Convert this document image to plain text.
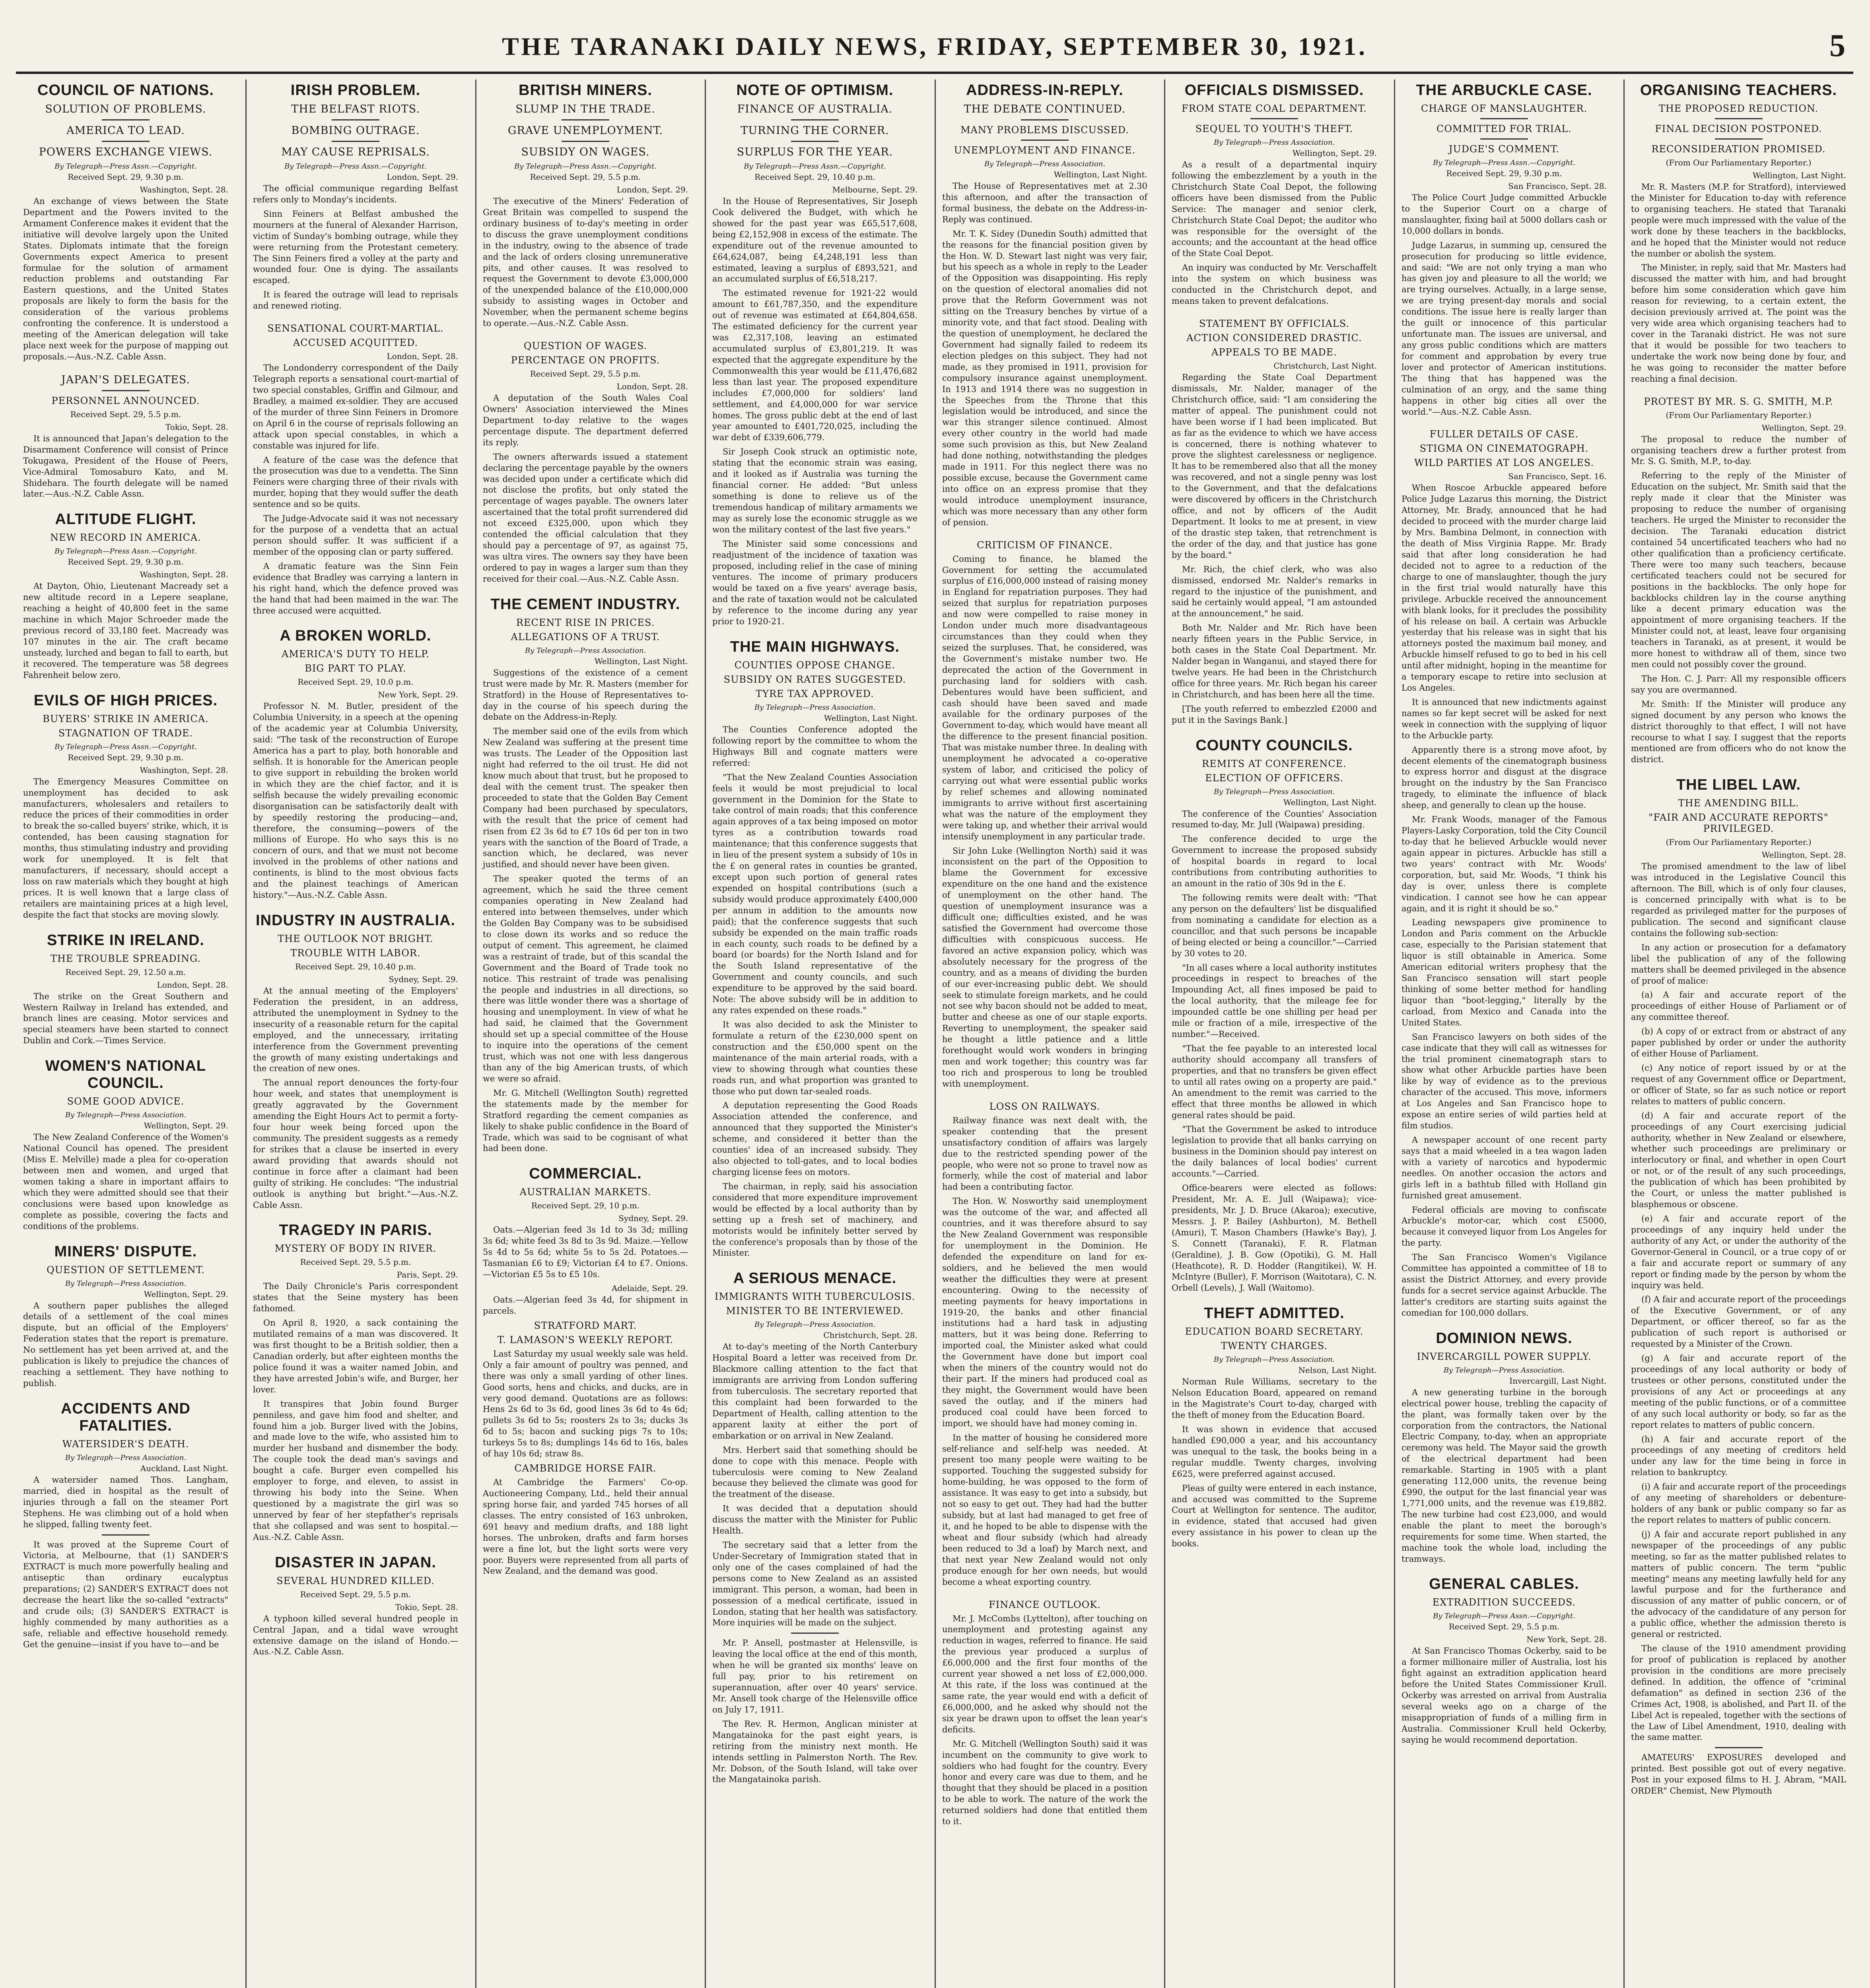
THE TARANAKI DAILY NEWS, FRIDAY, SEPTEMBER 30, 1921.	5
COUNCIL OF NATIONS.
SOLUTION OF PROBLEMS.
AMERICA TO LEAD.
POWERS EXCHANGE VIEWS.
By Telegraph—Press Assn.—Copyright.
Received Sept. 29, 9.30 p.m.
Washington, Sept. 28.

An exchange of views between the State Department and the Powers invited to the Armament Conference makes it evident that the initiative will devolve largely upon the United States. Diplomats intimate that the foreign Governments expect America to present formulae for the solution of armament reduction problems and outstanding Far Eastern questions, and the United States proposals are likely to form the basis for the consideration of the various problems confronting the conference. It is understood a meeting of the American delegation will take place next week for the purpose of mapping out proposals.—Aus.-N.Z. Cable Assn.

JAPAN'S DELEGATES.
PERSONNEL ANNOUNCED.
Received Sept. 29, 5.5 p.m.
Tokio, Sept. 28.

It is announced that Japan's delegation to the Disarmament Conference will consist of Prince Tokugawa, President of the House of Peers, Vice-Admiral Tomosaburo Kato, and M. Shidehara. The fourth delegate will be named later.—Aus.-N.Z. Cable Assn.

ALTITUDE FLIGHT.
NEW RECORD IN AMERICA.
By Telegraph—Press Assn.—Copyright.
Received Sept. 29, 9.30 p.m.
Washington, Sept. 28.

At Dayton, Ohio, Lieutenant Macready set a new altitude record in a Lepere seaplane, reaching a height of 40,800 feet in the same machine in which Major Schroeder made the previous record of 33,180 feet. Macready was 107 minutes in the air. The craft became unsteady, lurched and began to fall to earth, but it recovered. The temperature was 58 degrees Fahrenheit below zero.

EVILS OF HIGH PRICES.
BUYERS' STRIKE IN AMERICA.
STAGNATION OF TRADE.
By Telegraph—Press Assn.—Copyright.
Received Sept. 29, 9.30 p.m.
Washington, Sept. 28.

The Emergency Measures Committee on unemployment has decided to ask manufacturers, wholesalers and retailers to reduce the prices of their commodities in order to break the so-called buyers' strike, which, it is contended, has been causing stagnation for months, thus stimulating industry and providing work for unemployed. It is felt that manufacturers, if necessary, should accept a loss on raw materials which they bought at high prices. It is well known that a large class of retailers are maintaining prices at a high level, despite the fact that stocks are moving slowly.

STRIKE IN IRELAND.
THE TROUBLE SPREADING.
Received Sept. 29, 12.50 a.m.
London, Sept. 28.

The strike on the Great Southern and Western Railway in Ireland has extended, and branch lines are ceasing. Motor services and special steamers have been started to connect Dublin and Cork.—Times Service.

WOMEN'S NATIONAL COUNCIL.
SOME GOOD ADVICE.
By Telegraph—Press Association.
Wellington, Sept. 29.

The New Zealand Conference of the Women's National Council has opened. The president (Miss E. Melville) made a plea for co-operation between men and women, and urged that women taking a share in important affairs to which they were admitted should see that their conclusions were based upon knowledge as complete as possible, covering the facts and conditions of the problems.

MINERS' DISPUTE.
QUESTION OF SETTLEMENT.
By Telegraph—Press Association.
Wellington, Sept. 29.

A southern paper publishes the alleged details of a settlement of the coal mines dispute, but an official of the Employers' Federation states that the report is premature. No settlement has yet been arrived at, and the publication is likely to prejudice the chances of reaching a settlement. They have nothing to publish.

ACCIDENTS AND FATALITIES.
WATERSIDER'S DEATH.
By Telegraph—Press Association.
Auckland, Last Night.

A watersider named Thos. Langham, married, died in hospital as the result of injuries through a fall on the steamer Port Stephens. He was climbing out of a hold when he slipped, falling twenty feet.

It was proved at the Supreme Court of Victoria, at Melbourne, that (1) SANDER'S EXTRACT is much more powerfully healing and antiseptic than ordinary eucalyptus preparations; (2) SANDER'S EXTRACT does not decrease the heart like the so-called "extracts" and crude oils; (3) SANDER'S EXTRACT is highly commended by many authorities as a safe, reliable and effective household remedy. Get the genuine—insist if you have to—and be

IRISH PROBLEM.
THE BELFAST RIOTS.
BOMBING OUTRAGE.
MAY CAUSE REPRISALS.
By Telegraph—Press Assn.—Copyright.
London, Sept. 29.

The official communique regarding Belfast refers only to Monday's incidents.

Sinn Feiners at Belfast ambushed the mourners at the funeral of Alexander Harrison, victim of Sunday's bombing outrage, while they were returning from the Protestant cemetery. The Sinn Feiners fired a volley at the party and wounded four. One is dying. The assailants escaped.

It is feared the outrage will lead to reprisals and renewed rioting.

SENSATIONAL COURT-MARTIAL.
ACCUSED ACQUITTED.
London, Sept. 28.

The Londonderry correspondent of the Daily Telegraph reports a sensational court-martial of two special constables, Griffin and Gilmour, and Bradley, a maimed ex-soldier. They are accused of the murder of three Sinn Feiners in Dromore on April 6 in the course of reprisals following an attack upon special constables, in which a constable was injured for life.

A feature of the case was the defence that the prosecution was due to a vendetta. The Sinn Feiners were charging three of their rivals with murder, hoping that they would suffer the death sentence and so be quits.

The Judge-Advocate said it was not necessary for the purpose of a vendetta that an actual person should suffer. It was sufficient if a member of the opposing clan or party suffered.

A dramatic feature was the Sinn Fein evidence that Bradley was carrying a lantern in his right hand, which the defence proved was the hand that had been maimed in the war. The three accused were acquitted.

A BROKEN WORLD.
AMERICA'S DUTY TO HELP.
BIG PART TO PLAY.
Received Sept. 29, 10.0 p.m.
New York, Sept. 29.

Professor N. M. Butler, president of the Columbia University, in a speech at the opening of the academic year at Columbia University, said: "The task of the reconstruction of Europe America has a part to play, both honorable and selfish. It is honorable for the American people to give support in rebuilding the broken world in which they are the chief factor, and it is selfish because the widely prevailing economic disorganisation can be satisfactorily dealt with by speedily restoring the producing—and, therefore, the consuming—powers of the millions of Europe. Ho who says this is no concern of ours, and that we must not become involved in the problems of other nations and continents, is blind to the most obvious facts and the plainest teachings of American history."—Aus.-N.Z. Cable Assn.

INDUSTRY IN AUSTRALIA.
THE OUTLOOK NOT BRIGHT.
TROUBLE WITH LABOR.
Received Sept. 29, 10.40 p.m.
Sydney, Sept. 29.

At the annual meeting of the Employers' Federation the president, in an address, attributed the unemployment in Sydney to the insecurity of a reasonable return for the capital employed, and the unnecessary, irritating interference from the Government preventing the growth of many existing undertakings and the creation of new ones.

The annual report denounces the forty-four hour week, and states that unemployment is greatly aggravated by the Government amending the Eight Hours Act to permit a forty-four hour week being forced upon the community. The president suggests as a remedy for strikes that a clause be inserted in every award providing that awards should not continue in force after a claimant had been guilty of striking. He concludes: "The industrial outlook is anything but bright."—Aus.-N.Z. Cable Assn.

TRAGEDY IN PARIS.
MYSTERY OF BODY IN RIVER.
Received Sept. 29, 5.5 p.m.
Paris, Sept. 29.

The Daily Chronicle's Paris correspondent states that the Seine mystery has been fathomed.

On April 8, 1920, a sack containing the mutilated remains of a man was discovered. It was first thought to be a British soldier, then a Canadian orderly, but after eighteen months the police found it was a waiter named Jobin, and they have arrested Jobin's wife, and Burger, her lover.

It transpires that Jobin found Burger penniless, and gave him food and shelter, and found him a job. Burger lived with the Jobins, and made love to the wife, who assisted him to murder her husband and dismember the body. The couple took the dead man's savings and bought a cafe. Burger even compelled his employer to forge, and eleven, to assist in throwing his body into the Seine. When questioned by a magistrate the girl was so unnerved by fear of her stepfather's reprisals that she collapsed and was sent to hospital.—Aus.-N.Z. Cable Assn.

DISASTER IN JAPAN.
SEVERAL HUNDRED KILLED.
Received Sept. 29, 5.5 p.m.
Tokio, Sept. 28.

A typhoon killed several hundred people in Central Japan, and a tidal wave wrought extensive damage on the island of Hondo.—Aus.-N.Z. Cable Assn.

BRITISH MINERS.
SLUMP IN THE TRADE.
GRAVE UNEMPLOYMENT.
SUBSIDY ON WAGES.
By Telegraph—Press Assn.—Copyright.
Received Sept. 29, 5.5 p.m.
London, Sept. 29.

The executive of the Miners' Federation of Great Britain was compelled to suspend the ordinary business of to-day's meeting in order to discuss the grave unemployment conditions in the industry, owing to the absence of trade and the lack of orders closing unremunerative pits, and other causes. It was resolved to request the Government to devote £3,000,000 of the unexpended balance of the £10,000,000 subsidy to assisting wages in October and November, when the permanent scheme begins to operate.—Aus.-N.Z. Cable Assn.

QUESTION OF WAGES.
PERCENTAGE ON PROFITS.
Received Sept. 29, 5.5 p.m.
London, Sept. 28.

A deputation of the South Wales Coal Owners' Association interviewed the Mines Department to-day relative to the wages percentage dispute. The department deferred its reply.

The owners afterwards issued a statement declaring the percentage payable by the owners was decided upon under a certificate which did not disclose the profits, but only stated the percentage of wages payable. The owners later ascertained that the total profit surrendered did not exceed £325,000, upon which they contended the official calculation that they should pay a percentage of 97, as against 75, was ultra vires. The owners say they have been ordered to pay in wages a larger sum than they received for their coal.—Aus.-N.Z. Cable Assn.

THE CEMENT INDUSTRY.
RECENT RISE IN PRICES.
ALLEGATIONS OF A TRUST.
By Telegraph—Press Association.
Wellington, Last Night.

Suggestions of the existence of a cement trust were made by Mr. R. Masters (member for Stratford) in the House of Representatives to-day in the course of his speech during the debate on the Address-in-Reply.

The member said one of the evils from which New Zealand was suffering at the present time was trusts. The Leader of the Opposition last night had referred to the oil trust. He did not know much about that trust, but he proposed to deal with the cement trust. The speaker then proceeded to state that the Golden Bay Cement Company had been purchased by speculators, with the result that the price of cement had risen from £2 3s 6d to £7 10s 6d per ton in two years with the sanction of the Board of Trade, a sanction which, he declared, was never justified, and should never have been given.

The speaker quoted the terms of an agreement, which he said the three cement companies operating in New Zealand had entered into between themselves, under which the Golden Bay Company was to be subsidised to close down its works and so reduce the output of cement. This agreement, he claimed was a restraint of trade, but of this scandal the Government and the Board of Trade took no notice. This restraint of trade was penalising the people and industries in all directions, so there was little wonder there was a shortage of housing and unemployment. In view of what he had said, he claimed that the Government should set up a special committee of the House to inquire into the operations of the cement trust, which was not one with less dangerous than any of the big American trusts, of which we were so afraid.

Mr. G. Mitchell (Wellington South) regretted the statements made by the member for Stratford regarding the cement companies as likely to shake public confidence in the Board of Trade, which was said to be cognisant of what had been done.

COMMERCIAL.
AUSTRALIAN MARKETS.
Received Sept. 29, 10 p.m.
Sydney, Sept. 29.

Oats.—Algerian feed 3s 1d to 3s 3d; milling 3s 6d; white feed 3s 8d to 3s 9d. Maize.—Yellow 5s 4d to 5s 6d; white 5s to 5s 2d. Potatoes.—Tasmanian £6 to £9; Victorian £4 to £7. Onions.—Victorian £5 5s to £5 10s.

Adelaide, Sept. 29.

Oats.—Algerian feed 3s 4d, for shipment in parcels.

STRATFORD MART.
T. LAMASON'S WEEKLY REPORT.

Last Saturday my usual weekly sale was held. Only a fair amount of poultry was penned, and there was only a small yarding of other lines. Good sorts, hens and chicks, and ducks, are in very good demand. Quotations are as follows: Hens 2s 6d to 3s 6d, good lines 3s 6d to 4s 6d; pullets 3s 6d to 5s; roosters 2s to 3s; ducks 3s 6d to 5s; bacon and sucking pigs 7s to 10s; turkeys 5s to 8s; dumplings 14s 6d to 16s, bales of hay 10s 6d; straw 8s.

CAMBRIDGE HORSE FAIR.

At Cambridge the Farmers' Co-op. Auctioneering Company, Ltd., held their annual spring horse fair, and yarded 745 horses of all classes. The entry consisted of 163 unbroken, 691 heavy and medium drafts, and 188 light horses. The unbroken, drafts and farm horses were a fine lot, but the light sorts were very poor. Buyers were represented from all parts of New Zealand, and the demand was good.

NOTE OF OPTIMISM.
FINANCE OF AUSTRALIA.
TURNING THE CORNER.
SURPLUS FOR THE YEAR.
By Telegraph—Press Assn.—Copyright.
Received Sept. 29, 10.40 p.m.
Melbourne, Sept. 29.

In the House of Representatives, Sir Joseph Cook delivered the Budget, with which he showed for the past year was £65,517,608, being £2,152,908 in excess of the estimate. The expenditure out of the revenue amounted to £64,624,087, being £4,248,191 less than estimated, leaving a surplus of £893,521, and an accumulated surplus of £6,518,217.

The estimated revenue for 1921-22 would amount to £61,787,350, and the expenditure out of revenue was estimated at £64,804,658. The estimated deficiency for the current year was £2,317,108, leaving an estimated accumulated surplus of £3,801,219. It was expected that the aggregate expenditure by the Commonwealth this year would be £11,476,682 less than last year. The proposed expenditure includes £7,000,000 for soldiers' land settlement, and £4,000,000 for war service homes. The gross public debt at the end of last year amounted to £401,720,025, including the war debt of £339,606,779.

Sir Joseph Cook struck an optimistic note, stating that the economic strain was easing, and it looked as if Australia was turning the financial corner. He added: "But unless something is done to relieve us of the tremendous handicap of military armaments we may as surely lose the economic struggle as we won the military contest of the last five years."

The Minister said some concessions and readjustment of the incidence of taxation was proposed, including relief in the case of mining ventures. The income of primary producers would be taxed on a five years' average basis, and the rate of taxation would not be calculated by reference to the income during any year prior to 1920-21.

THE MAIN HIGHWAYS.
COUNTIES OPPOSE CHANGE.
SUBSIDY ON RATES SUGGESTED.
TYRE TAX APPROVED.
By Telegraph—Press Association.
Wellington, Last Night.

The Counties Conference adopted the following report by the committee to whom the Highways Bill and cognate matters were referred:

"That the New Zealand Counties Association feels it would be most prejudicial to local government in the Dominion for the State to take control of main roads; that this conference again approves of a tax being imposed on motor tyres as a contribution towards road maintenance; that this conference suggests that in lieu of the present system a subsidy of 10s in the £ on general rates in counties be granted, except upon such portion of general rates expended on hospital contributions (such a subsidy would produce approximately £400,000 per annum in addition to the amounts now paid); that the conference suggests that such subsidy be expended on the main traffic roads in each county, such roads to be defined by a board (or boards) for the North Island and for the South Island representative of the Government and county councils, and such expenditure to be approved by the said board. Note: The above subsidy will be in addition to any rates expended on these roads."

It was also decided to ask the Minister to formulate a return of the £230,000 spent on construction and the £50,000 spent on the maintenance of the main arterial roads, with a view to showing through what counties these roads run, and what proportion was granted to those who put down tar-sealed roads.

A deputation representing the Good Roads Association attended the conference, and announced that they supported the Minister's scheme, and considered it better than the counties' idea of an increased subsidy. They also objected to toll-gates, and to local bodies charging license fees on motors.

The chairman, in reply, said his association considered that more expenditure improvement would be effected by a local authority than by setting up a fresh set of machinery, and motorists would be infinitely better served by the conference's proposals than by those of the Minister.

A SERIOUS MENACE.
IMMIGRANTS WITH TUBERCULOSIS.
MINISTER TO BE INTERVIEWED.
By Telegraph—Press Association.
Christchurch, Sept. 28.

At to-day's meeting of the North Canterbury Hospital Board a letter was received from Dr. Blackmore calling attention to the fact that immigrants are arriving from London suffering from tuberculosis. The secretary reported that this complaint had been forwarded to the Department of Health, calling attention to the apparent laxity at either the port of embarkation or on arrival in New Zealand.

Mrs. Herbert said that something should be done to cope with this menace. People with tuberculosis were coming to New Zealand because they believed the climate was good for the treatment of the disease.

It was decided that a deputation should discuss the matter with the Minister for Public Health.

The secretary said that a letter from the Under-Secretary of Immigration stated that in only one of the cases complained of had the persons come to New Zealand as an assisted immigrant. This person, a woman, had been in possession of a medical certificate, issued in London, stating that her health was satisfactory. More inquiries will be made on the subject.

Mr. P. Ansell, postmaster at Helensville, is leaving the local office at the end of this month, when he will be granted six months' leave on full pay, prior to his retirement on superannuation, after over 40 years' service. Mr. Ansell took charge of the Helensville office on July 17, 1911.

The Rev. R. Hermon, Anglican minister at Mangatainoka for the past eight years, is retiring from the ministry next month. He intends settling in Palmerston North. The Rev. Mr. Dobson, of the South Island, will take over the Mangatainoka parish.

ADDRESS-IN-REPLY.
THE DEBATE CONTINUED.
MANY PROBLEMS DISCUSSED.
UNEMPLOYMENT AND FINANCE.
By Telegraph—Press Association.
Wellington, Last Night.

The House of Representatives met at 2.30 this afternoon, and after the transaction of formal business, the debate on the Address-in-Reply was continued.

Mr. T. K. Sidey (Dunedin South) admitted that the reasons for the financial position given by the Hon. W. D. Stewart last night was very fair, but his speech as a whole in reply to the Leader of the Opposition was disappointing. His reply on the question of electoral anomalies did not prove that the Reform Government was not sitting on the Treasury benches by virtue of a minority vote, and that fact stood. Dealing with the question of unemployment, he declared the Government had signally failed to redeem its election pledges on this subject. They had not made, as they promised in 1911, provision for compulsory insurance against unemployment. In 1913 and 1914 there was no suggestion in the Speeches from the Throne that this legislation would be introduced, and since the war this stranger silence continued. Almost every other country in the world had made some such provision as this, but New Zealand had done nothing, notwithstanding the pledges made in 1911. For this neglect there was no possible excuse, because the Government came into office on an express promise that they would introduce unemployment insurance, which was more necessary than any other form of pension.

CRITICISM OF FINANCE.

Coming to finance, he blamed the Government for setting the accumulated surplus of £16,000,000 instead of raising money in England for repatriation purposes. They had seized that surplus for repatriation purposes and now were compelled to raise money in London under much more disadvantageous circumstances than they could when they seized the surpluses. That, he considered, was the Government's mistake number two. He deprecated the action of the Government in purchasing land for soldiers with cash. Debentures would have been sufficient, and cash should have been saved and made available for the ordinary purposes of the Government to-day, which would have meant all the difference to the present financial position. That was mistake number three. In dealing with unemployment he advocated a co-operative system of labor, and criticised the policy of carrying out what were essential public works by relief schemes and allowing nominated immigrants to arrive without first ascertaining what was the nature of the employment they were taking up, and whether their arrival would intensify unemployment in any particular trade.

Sir John Luke (Wellington North) said it was inconsistent on the part of the Opposition to blame the Government for excessive expenditure on the one hand and the existence of unemployment on the other hand. The question of unemployment insurance was a difficult one; difficulties existed, and he was satisfied the Government had overcome those difficulties with conspicuous success. He favored an active expansion policy, which was absolutely necessary for the progress of the country, and as a means of dividing the burden of our ever-increasing public debt. We should seek to stimulate foreign markets, and he could not see why bacon should not be added to meat, butter and cheese as one of our staple exports. Reverting to unemployment, the speaker said he thought a little patience and a little forethought would work wonders in bringing men and work together; this country was far too rich and prosperous to long be troubled with unemployment.

LOSS ON RAILWAYS.

Railway finance was next dealt with, the speaker contending that the present unsatisfactory condition of affairs was largely due to the restricted spending power of the people, who were not so prone to travel now as formerly, while the cost of material and labor had been a contributing factor.

The Hon. W. Nosworthy said unemployment was the outcome of the war, and affected all countries, and it was therefore absurd to say the New Zealand Government was responsible for unemployment in the Dominion. He defended the expenditure on land for ex-soldiers, and he believed the men would weather the difficulties they were at present encountering. Owing to the necessity of meeting payments for heavy importations in 1919-20, the banks and other financial institutions had a hard task in adjusting matters, but it was being done. Referring to imported coal, the Minister asked what could the Government have done but import coal when the miners of the country would not do their part. If the miners had produced coal as they might, the Government would have been saved the outlay, and if the miners had produced coal could have been forced to import, we should have had money coming in.

In the matter of housing he considered more self-reliance and self-help was needed. At present too many people were waiting to be supported. Touching the suggested subsidy for home-building, he was opposed to the form of assistance. It was easy to get into a subsidy, but not so easy to get out. They had had the butter subsidy, but at last had managed to get free of it, and he hoped to be able to dispense with the wheat and flour subsidy (which had already been reduced to 3d a loaf) by March next, and that next year New Zealand would not only produce enough for her own needs, but would become a wheat exporting country.

FINANCE OUTLOOK.

Mr. J. McCombs (Lyttelton), after touching on unemployment and protesting against any reduction in wages, referred to finance. He said the previous year produced a surplus of £6,000,000 and the first four months of the current year showed a net loss of £2,000,000. At this rate, if the loss was continued at the same rate, the year would end with a deficit of £6,000,000, and he asked why should not the six year be drawn upon to offset the lean year's deficits.

Mr. G. Mitchell (Wellington South) said it was incumbent on the community to give work to soldiers who had fought for the country. Every honor and every care was due to them, and he thought that they should be placed in a position to be able to work. The nature of the work the returned soldiers had done that entitled them to it.

OFFICIALS DISMISSED.
FROM STATE COAL DEPARTMENT.
SEQUEL TO YOUTH'S THEFT.
By Telegraph—Press Association.
Wellington, Sept. 29.

As a result of a departmental inquiry following the embezzlement by a youth in the Christchurch State Coal Depot, the following officers have been dismissed from the Public Service: The manager and senior clerk, Christchurch State Coal Depot; the auditor who was responsible for the oversight of the accounts; and the accountant at the head office of the State Coal Depot.

An inquiry was conducted by Mr. Verschaffelt into the system on which business was conducted in the Christchurch depot, and means taken to prevent defalcations.

STATEMENT BY OFFICIALS.
ACTION CONSIDERED DRASTIC.
APPEALS TO BE MADE.
Christchurch, Last Night.

Regarding the State Coal Department dismissals, Mr. Nalder, manager of the Christchurch office, said: "I am considering the matter of appeal. The punishment could not have been worse if I had been implicated. But as far as the evidence to which we have access is concerned, there is nothing whatever to prove the slightest carelessness or negligence. It has to be remembered also that all the money was recovered, and not a single penny was lost to the Government, and that the defalcations were discovered by officers in the Christchurch office, and not by officers of the Audit Department. It looks to me at present, in view of the drastic step taken, that retrenchment is the order of the day, and that justice has gone by the board."

Mr. Rich, the chief clerk, who was also dismissed, endorsed Mr. Nalder's remarks in regard to the injustice of the punishment, and said he certainly would appeal, "I am astounded at the announcement," he said.

Both Mr. Nalder and Mr. Rich have been nearly fifteen years in the Public Service, in both cases in the State Coal Department. Mr. Nalder began in Wanganui, and stayed there for twelve years. He had been in the Christchurch office for three years. Mr. Rich began his career in Christchurch, and has been here all the time.

[The youth referred to embezzled £2000 and put it in the Savings Bank.]

COUNTY COUNCILS.
REMITS AT CONFERENCE.
ELECTION OF OFFICERS.
By Telegraph—Press Association.
Wellington, Last Night.

The conference of the Counties' Association resumed to-day, Mr. Jull (Waipawa) presiding.

The conference decided to urge the Government to increase the proposed subsidy of hospital boards in regard to local contributions from contributing authorities to an amount in the ratio of 30s 9d in the £.

The following remits were dealt with: "That any person on the defaulters' list be disqualified from nominating a candidate for election as a councillor, and that such persons be incapable of being elected or being a councillor."—Carried by 30 votes to 20.

"In all cases where a local authority institutes proceedings in respect to breaches of the Impounding Act, all fines imposed be paid to the local authority, that the mileage fee for impounded cattle be one shilling per head per mile or fraction of a mile, irrespective of the number."—Received.

"That the fee payable to an interested local authority should accompany all transfers of properties, and that no transfers be given effect to until all rates owing on a property are paid." An amendment to the remit was carried to the effect that three months be allowed in which general rates should be paid.

"That the Government be asked to introduce legislation to provide that all banks carrying on business in the Dominion should pay interest on the daily balances of local bodies' current accounts."—Carried.

Office-bearers were elected as follows: President, Mr. A. E. Jull (Waipawa); vice-presidents, Mr. J. D. Bruce (Akaroa); executive, Messrs. J. P. Bailey (Ashburton), M. Bethell (Amuri), T. Mason Chambers (Hawke's Bay), J. S. Connett (Taranaki), F. R. Flatman (Geraldine), J. B. Gow (Opotiki), G. M. Hall (Heathcote), R. D. Hodder (Rangitikei), W. H. McIntyre (Buller), F. Morrison (Waitotara), C. N. Orbell (Levels), J. Wall (Waitomo).

THEFT ADMITTED.
EDUCATION BOARD SECRETARY.
TWENTY CHARGES.
By Telegraph—Press Association.
Nelson, Last Night.

Norman Rule Williams, secretary to the Nelson Education Board, appeared on remand in the Magistrate's Court to-day, charged with the theft of money from the Education Board.

It was shown in evidence that accused handled £90,000 a year, and his accountancy was unequal to the task, the books being in a regular muddle. Twenty charges, involving £625, were preferred against accused.

Pleas of guilty were entered in each instance, and accused was committed to the Supreme Court at Wellington for sentence. The auditor, in evidence, stated that accused had given every assistance in his power to clean up the books.

THE ARBUCKLE CASE.
CHARGE OF MANSLAUGHTER.
COMMITTED FOR TRIAL.
JUDGE'S COMMENT.
By Telegraph—Press Assn.—Copyright.
Received Sept. 29, 9.30 p.m.
San Francisco, Sept. 28.

The Police Court Judge committed Arbuckle to the Superior Court on a charge of manslaughter, fixing bail at 5000 dollars cash or 10,000 dollars in bonds.

Judge Lazarus, in summing up, censured the prosecution for producing so little evidence, and said: "We are not only trying a man who has given joy and pleasure to all the world; we are trying ourselves. Actually, in a large sense, we are trying present-day morals and social conditions. The issue here is really larger than the guilt or innocence of this particular unfortunate man. The issues are universal, and any gross public conditions which are matters for comment and approbation by every true lover and protector of American institutions. The thing that has happened was the culmination of an orgy, and the same thing happens in other big cities all over the world."—Aus.-N.Z. Cable Assn.

FULLER DETAILS OF CASE.
STIGMA ON CINEMATOGRAPH.
WILD PARTIES AT LOS ANGELES.
San Francisco, Sept. 16.

When Roscoe Arbuckle appeared before Police Judge Lazarus this morning, the District Attorney, Mr. Brady, announced that he had decided to proceed with the murder charge laid by Mrs. Bambina Delmont, in connection with the death of Miss Virginia Rappe. Mr. Brady said that after long consideration he had decided not to agree to a reduction of the charge to one of manslaughter, though the jury in the first trial would naturally have this privilege. Arbuckle received the announcement with blank looks, for it precludes the possibility of his release on bail. A certain was Arbuckle yesterday that his release was in sight that his attorneys posted the maximum bail money, and Arbuckle himself refused to go to bed in his cell until after midnight, hoping in the meantime for a temporary escape to retire into seclusion at Los Angeles.

It is announced that new indictments against names so far kept secret will be asked for next week in connection with the supplying of liquor to the Arbuckle party.

Apparently there is a strong move afoot, by decent elements of the cinematograph business to express horror and disgust at the disgrace brought on the industry by the San Francisco tragedy, to eliminate the influence of black sheep, and generally to clean up the house.

Mr. Frank Woods, manager of the Famous Players-Lasky Corporation, told the City Council to-day that he believed Arbuckle would never again appear in pictures. Arbuckle has still a two years' contract with Mr. Woods' corporation, but, said Mr. Woods, "I think his day is over, unless there is complete vindication. I cannot see how he can appear again, and it is right it should be so."

Leading newspapers give prominence to London and Paris comment on the Arbuckle case, especially to the Parisian statement that liquor is still obtainable in America. Some American editorial writers prophesy that the San Francisco sensation will start people thinking of some better method for handling liquor than "boot-legging," literally by the carload, from Mexico and Canada into the United States.

San Francisco lawyers on both sides of the case indicate that they will call as witnesses for the trial prominent cinematograph stars to show what other Arbuckle parties have been like by way of evidence as to the previous character of the accused. This move, informers at Los Angeles and San Francisco hope to expose an entire series of wild parties held at film studios.

A newspaper account of one recent party says that a maid wheeled in a tea wagon laden with a variety of narcotics and hypodermic needles. On another occasion the actors and girls left in a bathtub filled with Holland gin furnished great amusement.

Federal officials are moving to confiscate Arbuckle's motor-car, which cost £5000, because it conveyed liquor from Los Angeles for the party.

The San Francisco Women's Vigilance Committee has appointed a committee of 18 to assist the District Attorney, and every provide funds for a secret service against Arbuckle. The latter's creditors are starting suits against the comedian for 100,000 dollars.

DOMINION NEWS.
INVERCARGILL POWER SUPPLY.
By Telegraph—Press Association.
Invercargill, Last Night.

A new generating turbine in the borough electrical power house, trebling the capacity of the plant, was formally taken over by the corporation from the contractors, the National Electric Company, to-day, when an appropriate ceremony was held. The Mayor said the growth of the electrical department had been remarkable. Starting in 1905 with a plant generating 112,000 units, the revenue being £990, the output for the last financial year was 1,771,000 units, and the revenue was £19,882. The new turbine had cost £23,000, and would enable the plant to meet the borough's requirements for some time. When started, the machine took the whole load, including the tramways.

GENERAL CABLES.
EXTRADITION SUCCEEDS.
By Telegraph—Press Assn.—Copyright.
Received Sept. 29, 5.5 p.m.
New York, Sept. 28.

At San Francisco Thomas Ockerby, said to be a former millionaire miller of Australia, lost his fight against an extradition application heard before the United States Commissioner Krull. Ockerby was arrested on arrival from Australia several weeks ago on a charge of the misappropriation of funds of a milling firm in Australia. Commissioner Krull held Ockerby, saying he would recommend deportation.

ORGANISING TEACHERS.
THE PROPOSED REDUCTION.
FINAL DECISION POSTPONED.
RECONSIDERATION PROMISED.
(From Our Parliamentary Reporter.)
Wellington, Last Night.

Mr. R. Masters (M.P. for Stratford), interviewed the Minister for Education to-day with reference to organising teachers. He stated that Taranaki people were much impressed with the value of the work done by these teachers in the backblocks, and he hoped that the Minister would not reduce the number or abolish the system.

The Minister, in reply, said that Mr. Masters had discussed the matter with him, and had brought before him some consideration which gave him reason for reviewing, to a certain extent, the decision previously arrived at. The point was the very wide area which organising teachers had to cover in the Taranaki district. He was not sure that it would be possible for two teachers to undertake the work now being done by four, and he was going to reconsider the matter before reaching a final decision.

PROTEST BY MR. S. G. SMITH, M.P.
(From Our Parliamentary Reporter.)
Wellington, Sept. 29.

The proposal to reduce the number of organising teachers drew a further protest from Mr. S. G. Smith, M.P., to-day.

Referring to the reply of the Minister of Education on the subject, Mr. Smith said that the reply made it clear that the Minister was proposing to reduce the number of organising teachers. He urged the Minister to reconsider the decision. The Taranaki education district contained 54 uncertificated teachers who had no other qualification than a proficiency certificate. There were too many such teachers, because certificated teachers could not be secured for positions in the backblocks. The only hope for backblocks children lay in the course anything like a decent primary education was the appointment of more organising teachers. If the Minister could not, at least, leave four organising teachers in Taranaki, as at present, it would be more honest to withdraw all of them, since two men could not possibly cover the ground.

The Hon. C. J. Parr: All my responsible officers say you are overmanned.

Mr. Smith: If the Minister will produce any signed document by any person who knows the district thoroughly to that effect, I will not have recourse to what I say. I suggest that the reports mentioned are from officers who do not know the district.

THE LIBEL LAW.
THE AMENDING BILL.
"FAIR AND ACCURATE REPORTS" PRIVILEGED.
(From Our Parliamentary Reporter.)
Wellington, Sept. 28.

The promised amendment to the law of libel was introduced in the Legislative Council this afternoon. The Bill, which is of only four clauses, is concerned principally with what is to be regarded as privileged matter for the purposes of publication. The second and significant clause contains the following sub-section:

In any action or prosecution for a defamatory libel the publication of any of the following matters shall be deemed privileged in the absence of proof of malice:

(a) A fair and accurate report of the proceedings of either House of Parliament or of any committee thereof.

(b) A copy of or extract from or abstract of any paper published by order or under the authority of either House of Parliament.

(c) Any notice of report issued by or at the request of any Government office or Department, or officer of State, so far as such notice or report relates to matters of public concern.

(d) A fair and accurate report of the proceedings of any Court exercising judicial authority, whether in New Zealand or elsewhere, whether such proceedings are preliminary or interlocutory or final, and whether in open Court or not, or of the result of any such proceedings, the publication of which has been prohibited by the Court, or unless the matter published is blasphemous or obscene.

(e) A fair and accurate report of the proceedings of any inquiry held under the authority of any Act, or under the authority of the Governor-General in Council, or a true copy of or a fair and accurate report or summary of any report or finding made by the person by whom the inquiry was held.

(f) A fair and accurate report of the proceedings of the Executive Government, or of any Department, or officer thereof, so far as the publication of such report is authorised or requested by a Minister of the Crown.

(g) A fair and accurate report of the proceedings of any local authority or body of trustees or other persons, constituted under the provisions of any Act or proceedings at any meeting of the public functions, or of a committee of any such local authority or body, so far as the report relates to matters of public concern.

(h) A fair and accurate report of the proceedings of any meeting of creditors held under any law for the time being in force in relation to bankruptcy.

(i) A fair and accurate report of the proceedings of any meeting of shareholders or debenture-holders of any bank or public company so far as the report relates to matters of public concern.

(j) A fair and accurate report published in any newspaper of the proceedings of any public meeting, so far as the matter published relates to matters of public concern. The term "public meeting" means any meeting lawfully held for any lawful purpose and for the furtherance and discussion of any matter of public concern, or of the advocacy of the candidature of any person for a public office, whether the admission thereto is general or restricted.

The clause of the 1910 amendment providing for proof of publication is replaced by another provision in the conditions are more precisely defined. In addition, the offence of "criminal defamation" as defined in section 236 of the Crimes Act, 1908, is abolished, and Part II. of the Libel Act is repealed, together with the sections of the Law of Libel Amendment, 1910, dealing with the same matter.

AMATEURS' EXPOSURES developed and printed. Best possible got out of every negative. Post in your exposed films to H. J. Abram, "MAIL ORDER" Chemist, New Plymouth
